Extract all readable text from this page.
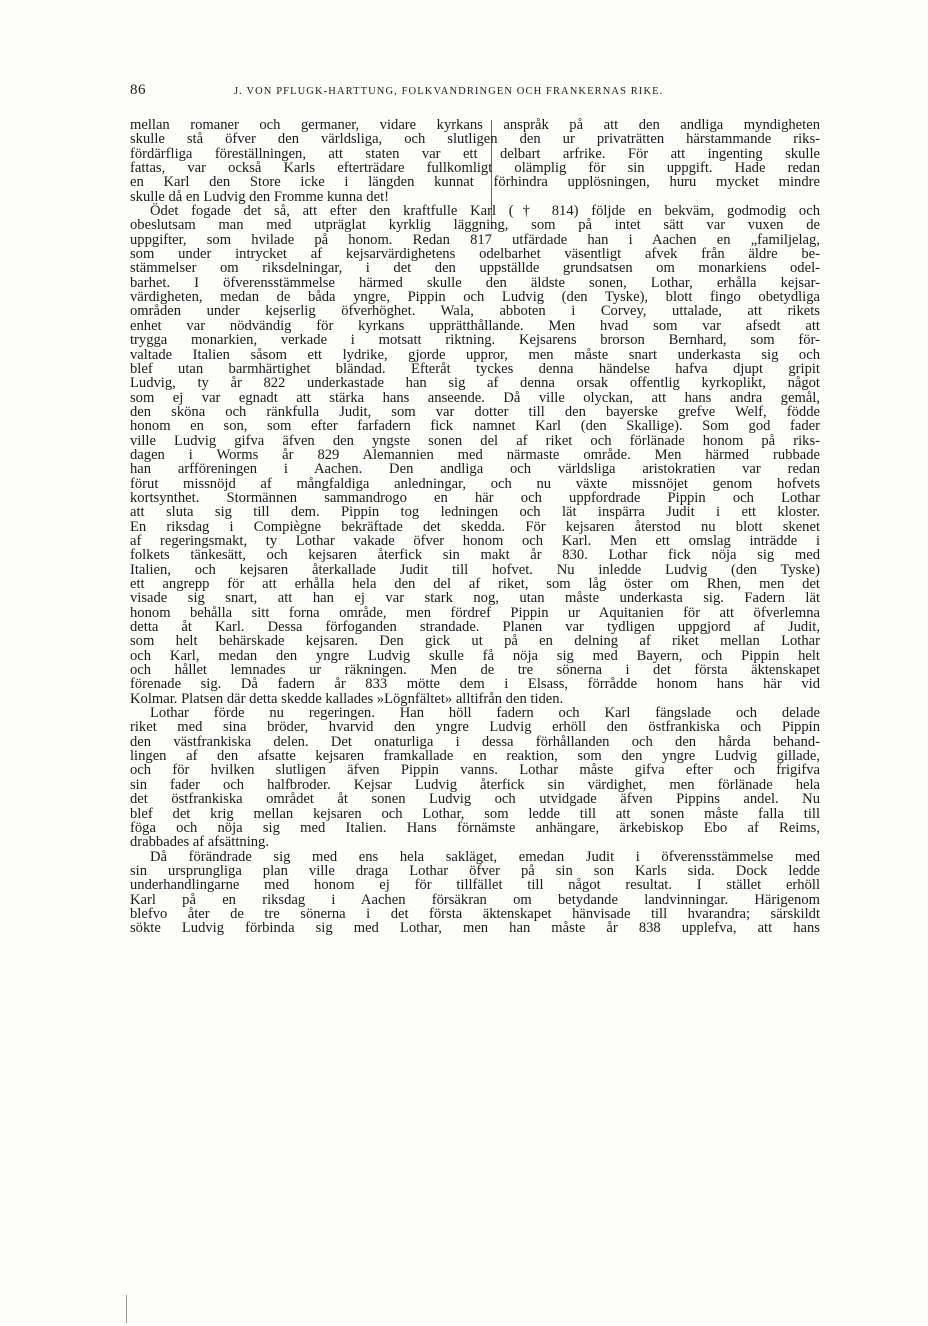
86	J. VON PFLUGK-HARTTUNG, FOLKVANDRINGEN OCH FRANKERNAS RIKE.
mellan romaner och germaner, vidare kyrkans anspråk på att den andliga myndigheten
skulle stå öfver den världsliga, och slutligen den ur privaträtten härstammande riks-
fördärfliga föreställningen, att staten var ett delbart arfrike. För att ingenting skulle
fattas, var också Karls efterträdare fullkomligt olämplig för sin uppgift. Hade redan
en Karl den Store icke i längden kunnat förhindra upplösningen, huru mycket mindre
skulle då en Ludvig den Fromme kunna det!
Ödet fogade det så, att efter den kraftfulle Karl († 814) följde en bekväm, godmodig och
obeslutsam man med utpräglat kyrklig läggning, som på intet sätt var vuxen de
uppgifter, som hvilade på honom. Redan 817 utfärdade han i Aachen en „familjelag,
som under intrycket af kejsarvärdighetens odelbarhet väsentligt afvek från äldre be-
stämmelser om riksdelningar, i det den uppställde grundsatsen om monarkiens odel-
barhet. I öfverensstämmelse härmed skulle den äldste sonen, Lothar, erhålla kejsar-
värdigheten, medan de båda yngre, Pippin och Ludvig (den Tyske), blott fingo obetydliga
områden under kejserlig öfverhöghet. Wala, abboten i Corvey, uttalade, att rikets
enhet var nödvändig för kyrkans upprätthållande. Men hvad som var afsedt att
trygga monarkien, verkade i motsatt riktning. Kejsarens brorson Bernhard, som för-
valtade Italien såsom ett lydrike, gjorde uppror, men måste snart underkasta sig och
blef utan barmhärtighet bländad. Efteråt tyckes denna händelse hafva djupt gripit
Ludvig, ty år 822 underkastade han sig af denna orsak offentlig kyrkoplikt, något
som ej var egnadt att stärka hans anseende. Då ville olyckan, att hans andra gemål,
den sköna och ränkfulla Judit, som var dotter till den bayerske grefve Welf, födde
honom en son, som efter farfadern fick namnet Karl (den Skallige). Som god fader
ville Ludvig gifva äfven den yngste sonen del af riket och förlänade honom på riks-
dagen i Worms år 829 Alemannien med närmaste område. Men härmed rubbade
han arfföreningen i Aachen. Den andliga och världsliga aristokratien var redan
förut missnöjd af mångfaldiga anledningar, och nu växte missnöjet genom hofvets
kortsynthet. Stormännen sammandrogo en här och uppfordrade Pippin och Lothar
att sluta sig till dem. Pippin tog ledningen och lät inspärra Judit i ett kloster.
En riksdag i Compiègne bekräftade det skedda. För kejsaren återstod nu blott skenet
af regeringsmakt, ty Lothar vakade öfver honom och Karl. Men ett omslag inträdde i
folkets tänkesätt, och kejsaren återfick sin makt år 830. Lothar fick nöja sig med
Italien, och kejsaren återkallade Judit till hofvet. Nu inledde Ludvig (den Tyske)
ett angrepp för att erhålla hela den del af riket, som låg öster om Rhen, men det
visade sig snart, att han ej var stark nog, utan måste underkasta sig. Fadern lät
honom behålla sitt forna område, men fördref Pippin ur Aquitanien för att öfverlemna
detta åt Karl. Dessa förfoganden strandade. Planen var tydligen uppgjord af Judit,
som helt behärskade kejsaren. Den gick ut på en delning af riket mellan Lothar
och Karl, medan den yngre Ludvig skulle få nöja sig med Bayern, och Pippin helt
och hållet lemnades ur räkningen. Men de tre sönerna i det första äktenskapet
förenade sig. Då fadern år 833 mötte dem i Elsass, förrådde honom hans här vid
Kolmar. Platsen där detta skedde kallades »Lögnfältet» alltifrån den tiden.
Lothar förde nu regeringen. Han höll fadern och Karl fängslade och delade
riket med sina bröder, hvarvid den yngre Ludvig erhöll den östfrankiska och Pippin
den västfrankiska delen. Det onaturliga i dessa förhållanden och den hårda behand-
lingen af den afsatte kejsaren framkallade en reaktion, som den yngre Ludvig gillade,
och för hvilken slutligen äfven Pippin vanns. Lothar måste gifva efter och frigifva
sin fader och halfbroder. Kejsar Ludvig återfick sin värdighet, men förlänade hela
det östfrankiska området åt sonen Ludvig och utvidgade äfven Pippins andel. Nu
blef det krig mellan kejsaren och Lothar, som ledde till att sonen måste falla till
föga och nöja sig med Italien. Hans förnämste anhängare, ärkebiskop Ebo af Reims,
drabbades af afsättning.
Då förändrade sig med ens hela sakläget, emedan Judit i öfverensstämmelse med
sin ursprungliga plan ville draga Lothar öfver på sin son Karls sida. Dock ledde
underhandlingarne med honom ej för tillfället till något resultat. I stället erhöll
Karl på en riksdag i Aachen försäkran om betydande landvinningar. Härigenom
blefvo åter de tre sönerna i det första äktenskapet hänvisade till hvarandra; särskildt
sökte Ludvig förbinda sig med Lothar, men han måste år 838 upplefva, att hans
